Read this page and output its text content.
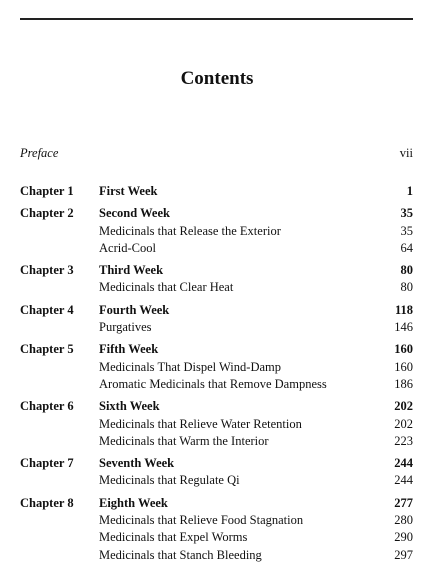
Contents
Preface	vii
Chapter 1 First Week	1
Chapter 2 Second Week	35
Medicinals that Release the Exterior	35
Acrid-Cool	64
Chapter 3 Third Week	80
Medicinals that Clear Heat	80
Chapter 4 Fourth Week	118
Purgatives	146
Chapter 5 Fifth Week	160
Medicinals That Dispel Wind-Damp	160
Aromatic Medicinals that Remove Dampness	186
Chapter 6 Sixth Week	202
Medicinals that Relieve Water Retention	202
Medicinals that Warm the Interior	223
Chapter 7 Seventh Week	244
Medicinals that Regulate Qi	244
Chapter 8 Eighth Week	277
Medicinals that Relieve Food Stagnation	280
Medicinals that Expel Worms	290
Medicinals that Stanch Bleeding	297
